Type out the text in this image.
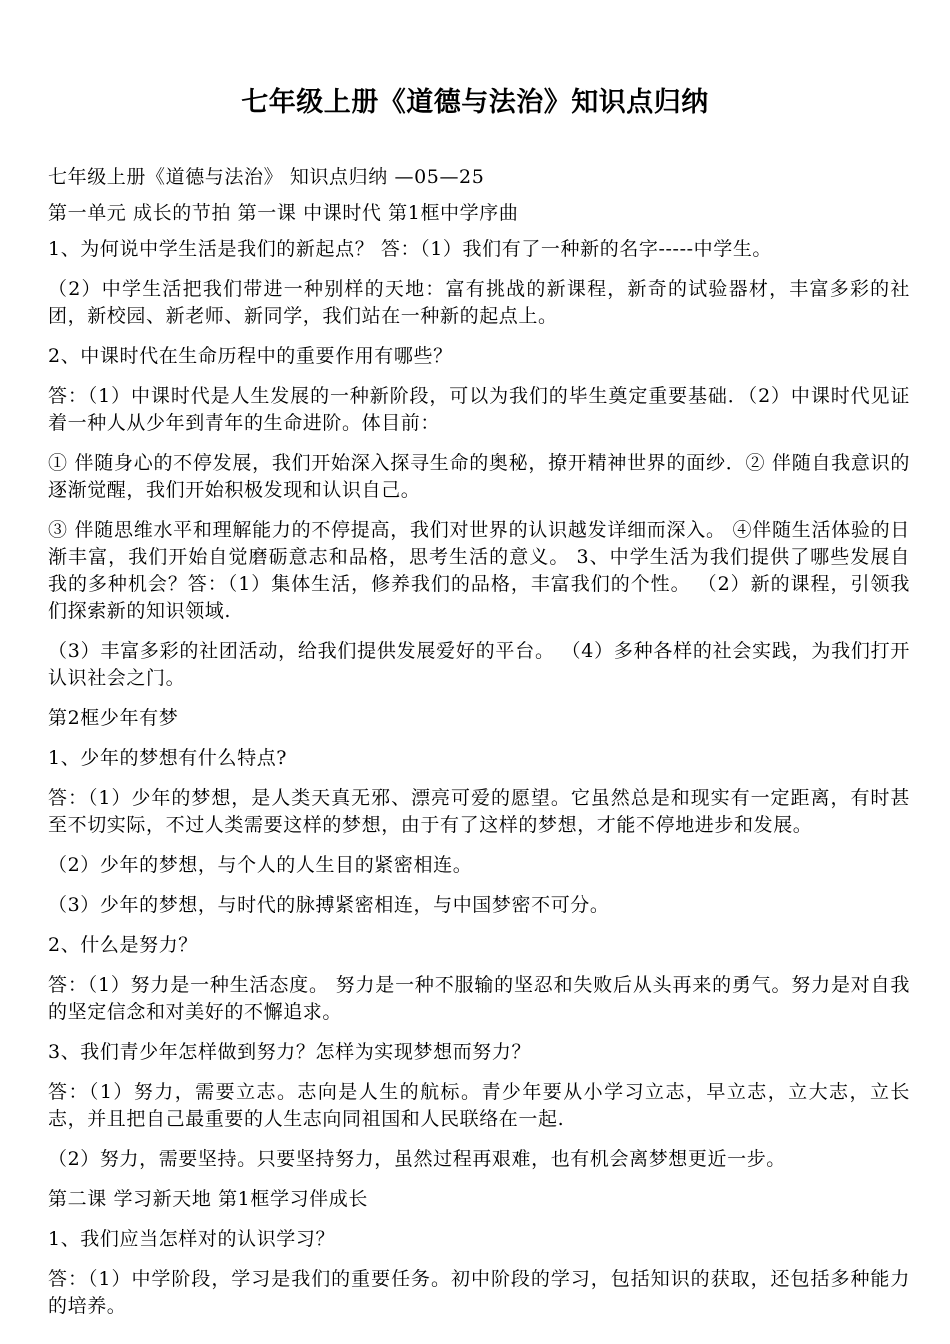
七年级上册《道德与法治》知识点归纳

七年级上册《道德与法治》 知识点归纳 —05—25

第一单元 成长的节拍 第一课 中课时代 第1框中学序曲

1、为何说中学生活是我们的新起点？ 答：（1）我们有了一种新的名字-----中学生。

（2）中学生活把我们带进一种别样的天地：富有挑战的新课程，新奇的试验器材，丰富多彩的社团，新校园、新老师、新同学，我们站在一种新的起点上。

2、中课时代在生命历程中的重要作用有哪些？

答：（1）中课时代是人生发展的一种新阶段，可以为我们的毕生奠定重要基础．（2）中课时代见证着一种人从少年到青年的生命进阶。体目前：

① 伴随身心的不停发展，我们开始深入探寻生命的奥秘，撩开精神世界的面纱．② 伴随自我意识的逐渐觉醒，我们开始积极发现和认识自己。

③ 伴随思维水平和理解能力的不停提高，我们对世界的认识越发详细而深入。 ④伴随生活体验的日渐丰富，我们开始自觉磨砺意志和品格，思考生活的意义。 3、中学生活为我们提供了哪些发展自我的多种机会？答：（1）集体生活，修养我们的品格，丰富我们的个性。 （2）新的课程，引领我们探索新的知识领域.

（3）丰富多彩的社团活动，给我们提供发展爱好的平台。 （4）多种各样的社会实践，为我们打开认识社会之门。

第2框少年有梦

1、少年的梦想有什么特点?

答：（1）少年的梦想，是人类天真无邪、漂亮可爱的愿望。它虽然总是和现实有一定距离，有时甚至不切实际，不过人类需要这样的梦想，由于有了这样的梦想，才能不停地进步和发展。

（2）少年的梦想，与个人的人生目的紧密相连。

（3）少年的梦想，与时代的脉搏紧密相连，与中国梦密不可分。

2、什么是努力？

答：（1）努力是一种生活态度。 努力是一种不服输的坚忍和失败后从头再来的勇气。努力是对自我的坚定信念和对美好的不懈追求。

3、我们青少年怎样做到努力？怎样为实现梦想而努力？

答：（1）努力，需要立志。志向是人生的航标。青少年要从小学习立志，早立志，立大志，立长志，并且把自己最重要的人生志向同祖国和人民联络在一起.

（2）努力，需要坚持。只要坚持努力，虽然过程再艰难，也有机会离梦想更近一步。

第二课 学习新天地 第1框学习伴成长

1、我们应当怎样对的认识学习？

答：（1）中学阶段，学习是我们的重要任务。初中阶段的学习，包括知识的获取，还包括多种能力的培养。
